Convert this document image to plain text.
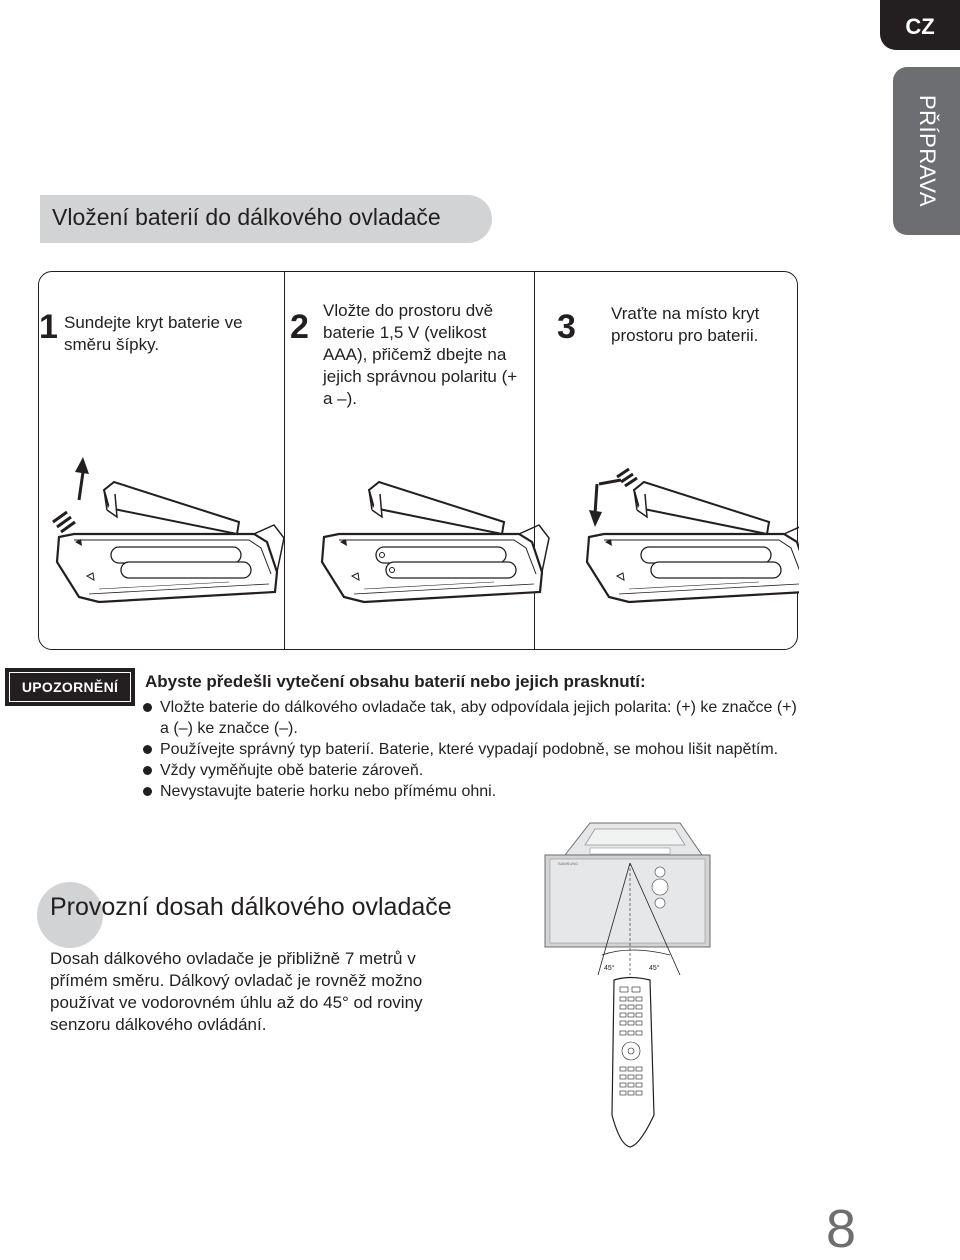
CZ
PŘÍPRAVA
Vložení baterií do dálkového ovladače
1 Sundejte kryt baterie ve směru šípky.	2 Vložte do prostoru dvě baterie 1,5 V (velikost AAA), přičemž dbejte na jejich správnou polaritu (+ a –).
3 Vraťte na místo kryt prostoru pro baterii.
UPOZORNĚNÍ	Abyste předešli vytečení obsahu baterií nebo jejich prasknutí:
Vložte baterie do dálkového ovladače tak, aby odpovídala jejich polarita: (+) ke značce (+) a (–) ke značce (–).
Používejte správný typ baterií. Baterie, které vypadají podobně, se mohou lišit napětím.
Vždy vyměňujte obě baterie zároveň.
Nevystavujte baterie horku nebo přímému ohni.
Provozní dosah dálkového ovladače
Dosah dálkového ovladače je přibližně 7 metrů v přímém směru. Dálkový ovladač je rovněž možno používat ve vodorovném úhlu až do 45° od roviny senzoru dálkového ovládání.
SAMSUNG
45°	45°
8
